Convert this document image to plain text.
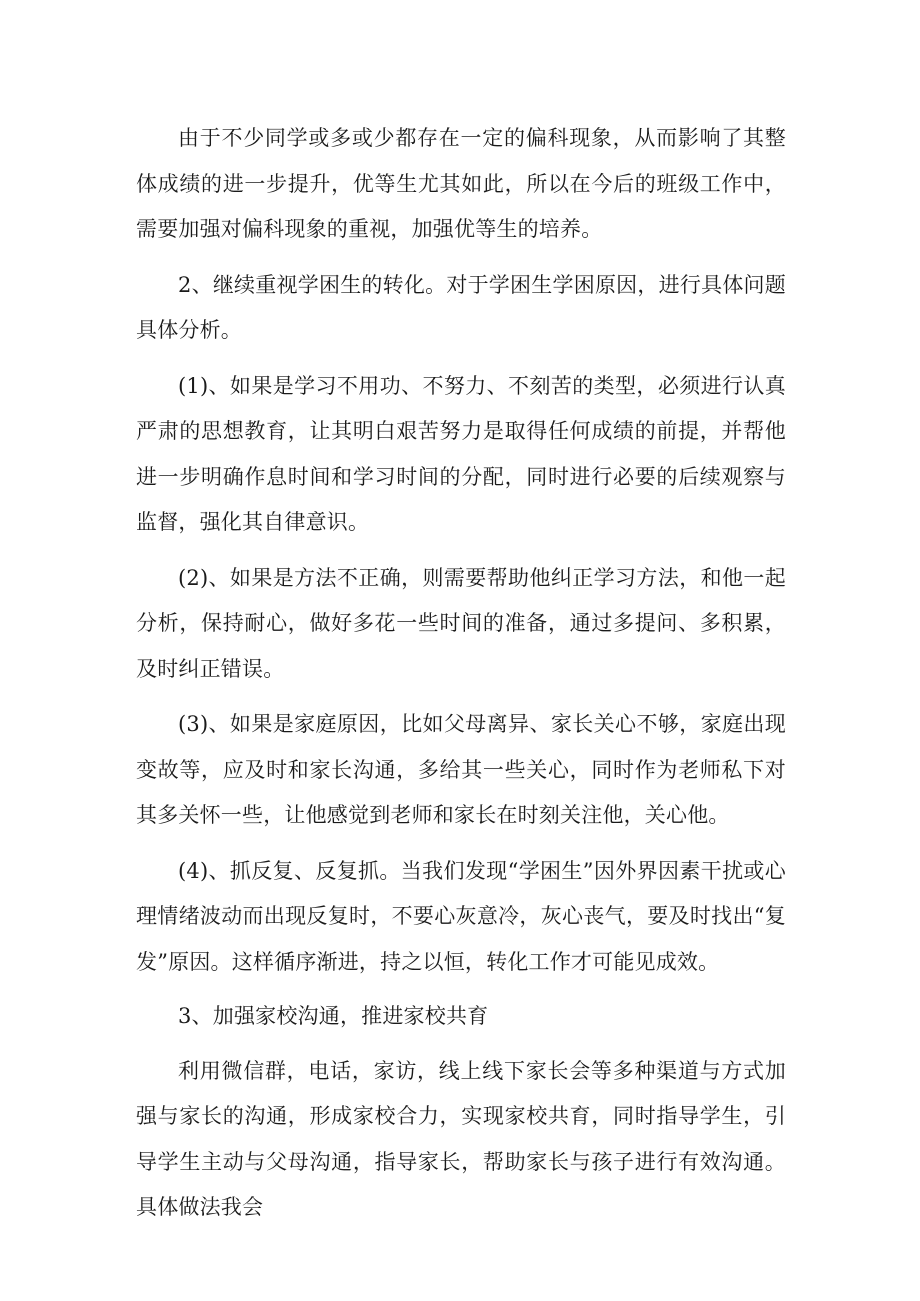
由于不少同学或多或少都存在一定的偏科现象，从而影响了其整体成绩的进一步提升，优等生尤其如此，所以在今后的班级工作中，需要加强对偏科现象的重视，加强优等生的培养。

2、继续重视学困生的转化。对于学困生学困原因，进行具体问题具体分析。

(1)、如果是学习不用功、不努力、不刻苦的类型，必须进行认真严肃的思想教育，让其明白艰苦努力是取得任何成绩的前提，并帮他进一步明确作息时间和学习时间的分配，同时进行必要的后续观察与监督，强化其自律意识。

(2)、如果是方法不正确，则需要帮助他纠正学习方法，和他一起分析，保持耐心，做好多花一些时间的准备，通过多提问、多积累，及时纠正错误。

(3)、如果是家庭原因，比如父母离异、家长关心不够，家庭出现变故等，应及时和家长沟通，多给其一些关心，同时作为老师私下对其多关怀一些，让他感觉到老师和家长在时刻关注他，关心他。

(4)、抓反复、反复抓。当我们发现“学困生”因外界因素干扰或心理情绪波动而出现反复时，不要心灰意冷，灰心丧气，要及时找出“复发”原因。这样循序渐进，持之以恒，转化工作才可能见成效。

3、加强家校沟通，推进家校共育

利用微信群，电话，家访，线上线下家长会等多种渠道与方式加强与家长的沟通，形成家校合力，实现家校共育，同时指导学生，引导学生主动与父母沟通，指导家长，帮助家长与孩子进行有效沟通。具体做法我会
